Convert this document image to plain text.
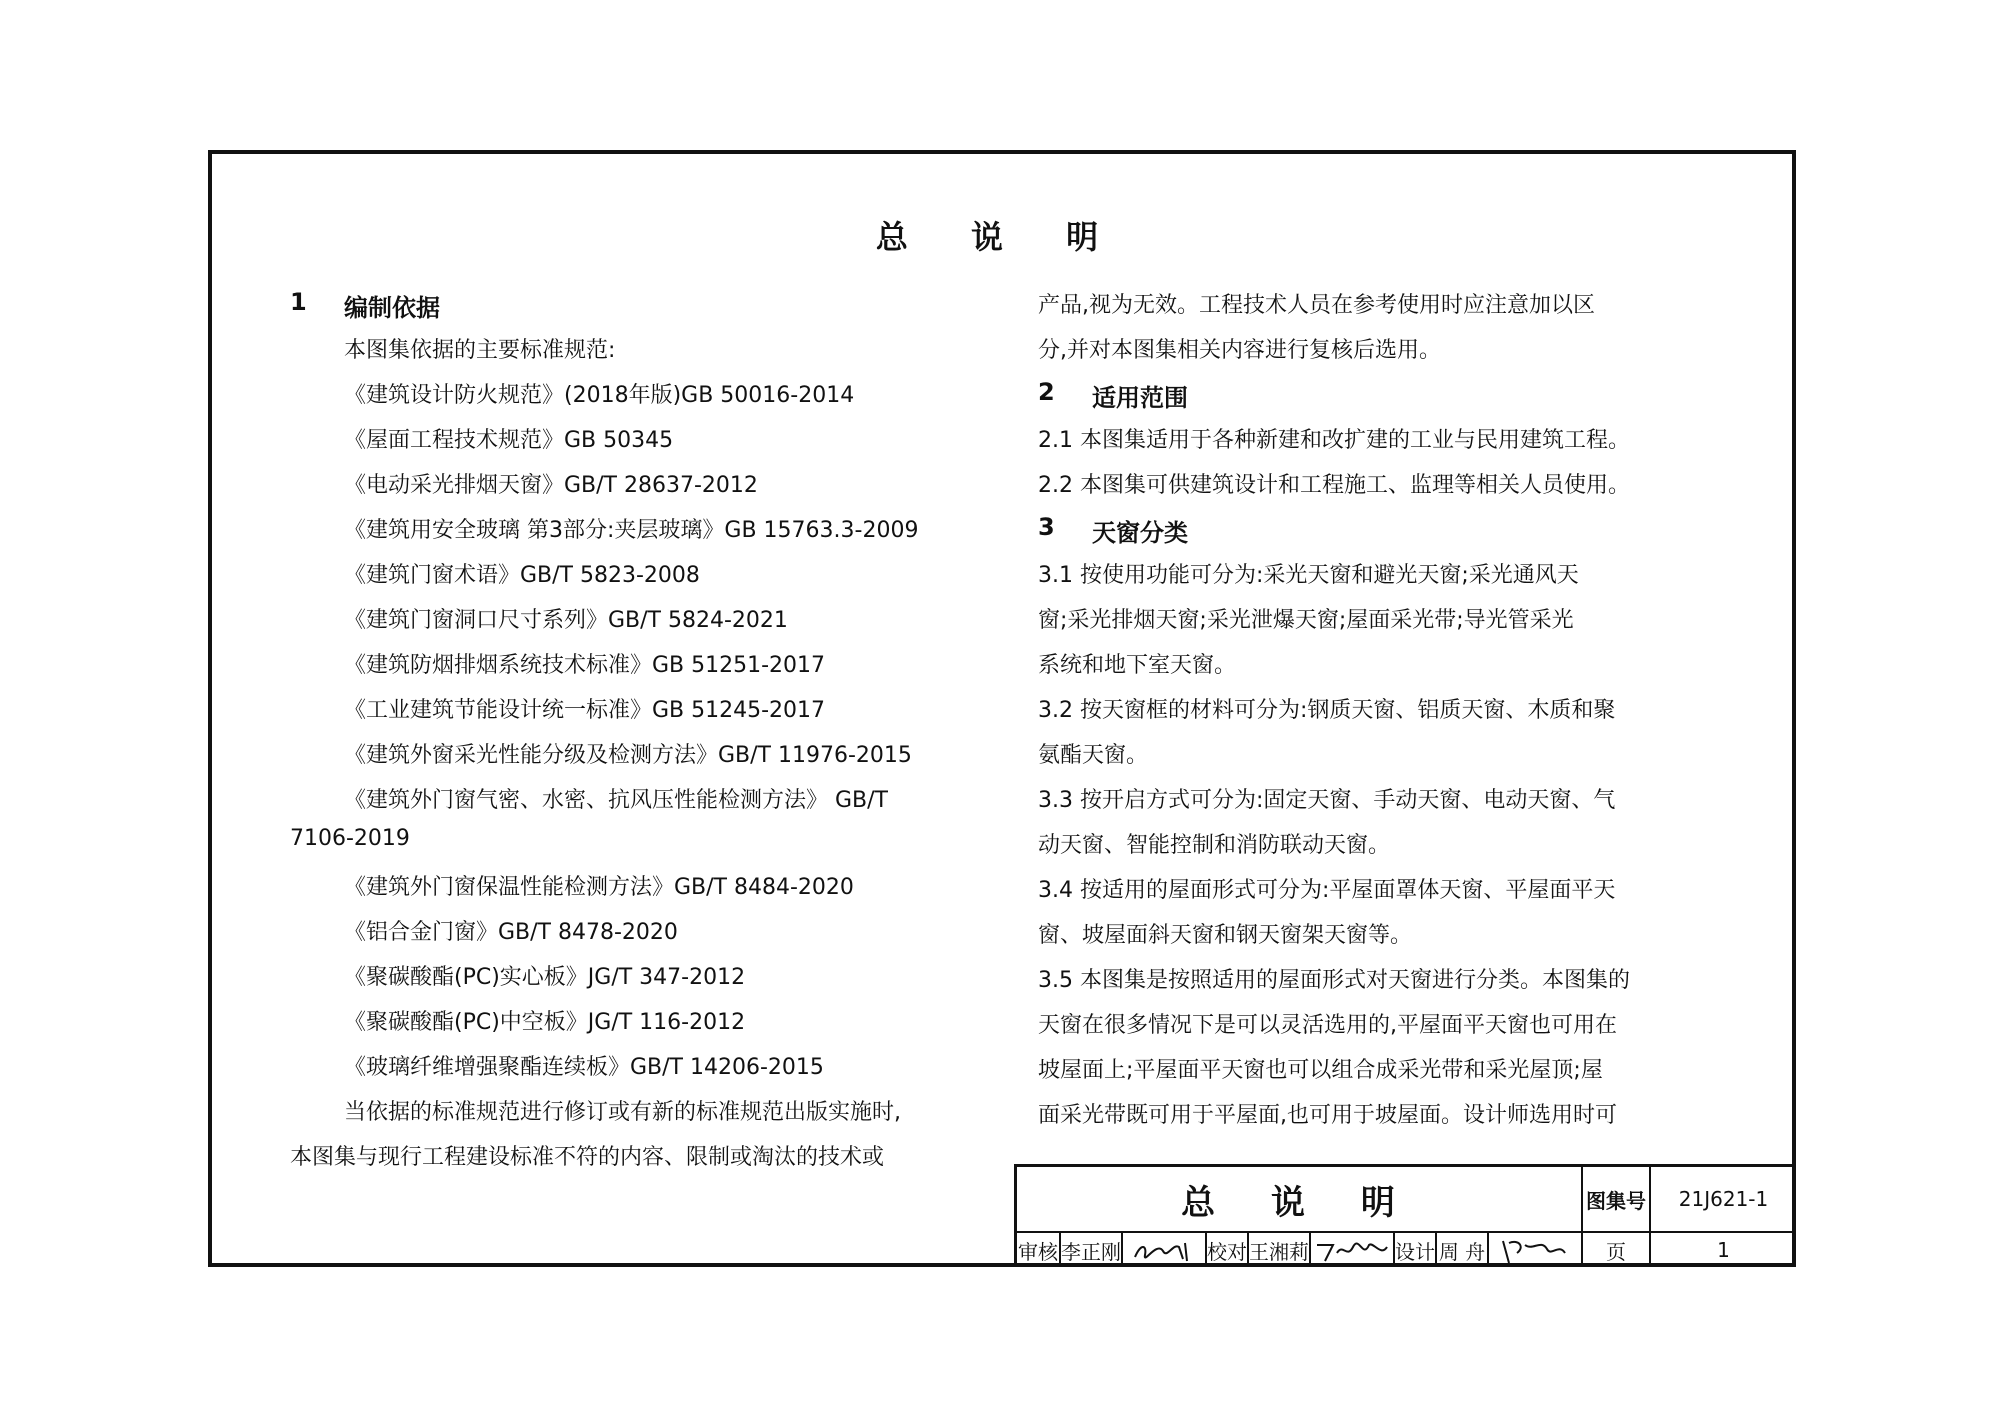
总 说 明
1 编制依据
本图集依据的主要标准规范:
《建筑设计防火规范》(2018年版)GB 50016-2014
《屋面工程技术规范》GB 50345
《电动采光排烟天窗》GB/T 28637-2012
《建筑用安全玻璃 第3部分:夹层玻璃》GB 15763.3-2009
《建筑门窗术语》GB/T 5823-2008
《建筑门窗洞口尺寸系列》GB/T 5824-2021
《建筑防烟排烟系统技术标准》GB 51251-2017
《工业建筑节能设计统一标准》GB 51245-2017
《建筑外窗采光性能分级及检测方法》GB/T 11976-2015
《建筑外门窗气密、水密、抗风压性能检测方法》 GB/T
7106-2019
《建筑外门窗保温性能检测方法》GB/T 8484-2020
《铝合金门窗》GB/T 8478-2020
《聚碳酸酯(PC)实心板》JG/T 347-2012
《聚碳酸酯(PC)中空板》JG/T 116-2012
《玻璃纤维增强聚酯连续板》GB/T 14206-2015
当依据的标准规范进行修订或有新的标准规范出版实施时,
本图集与现行工程建设标准不符的内容、限制或淘汰的技术或
产品,视为无效。工程技术人员在参考使用时应注意加以区
分,并对本图集相关内容进行复核后选用。
2 适用范围
2.1 本图集适用于各种新建和改扩建的工业与民用建筑工程。
2.2 本图集可供建筑设计和工程施工、监理等相关人员使用。
3 天窗分类
3.1 按使用功能可分为:采光天窗和避光天窗;采光通风天
窗;采光排烟天窗;采光泄爆天窗;屋面采光带;导光管采光
系统和地下室天窗。
3.2 按天窗框的材料可分为:钢质天窗、铝质天窗、木质和聚
氨酯天窗。
3.3 按开启方式可分为:固定天窗、手动天窗、电动天窗、气
动天窗、智能控制和消防联动天窗。
3.4 按适用的屋面形式可分为:平屋面罩体天窗、平屋面平天
窗、坡屋面斜天窗和钢天窗架天窗等。
3.5 本图集是按照适用的屋面形式对天窗进行分类。本图集的
天窗在很多情况下是可以灵活选用的,平屋面平天窗也可用在
坡屋面上;平屋面平天窗也可以组合成采光带和采光屋顶;屋
面采光带既可用于平屋面,也可用于坡屋面。设计师选用时可
总 说 明	图集号	21J621-1
审核 李正刚	校对 王湘莉	设计 周 舟	页	1
